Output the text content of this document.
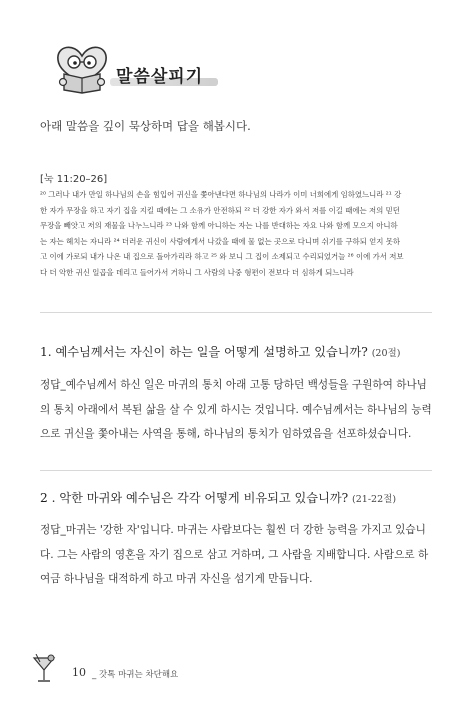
말씀살피기
아래 말씀을 깊이 묵상하며 답을 해봅시다.
[눅 11:20–26]
²⁰ 그러나 내가 만일 하나님의 손을 힘입어 귀신을 쫓아낸다면 하나님의 나라가 이미 너희에게 임하였느니라 ²¹ 강
한 자가 무장을 하고 자기 집을 지킬 때에는 그 소유가 안전하되 ²² 더 강한 자가 와서 저를 이길 때에는 저의 믿던
무장을 빼앗고 저의 재물을 나누느니라 ²³ 나와 함께 아니하는 자는 나를 반대하는 자요 나와 함께 모으지 아니하
는 자는 헤치는 자니라 ²⁴ 더러운 귀신이 사람에게서 나갔을 때에 물 없는 곳으로 다니며 쉬기를 구하되 얻지 못하
고 이에 가로되 내가 나온 내 집으로 돌아가리라 하고 ²⁵ 와 보니 그 집이 소제되고 수리되었거늘 ²⁶ 이에 가서 저보
다 더 악한 귀신 일곱을 데리고 들어가서 거하니 그 사람의 나중 형편이 전보다 더 심하게 되느니라
1. 예수님께서는 자신이 하는 일을 어떻게 설명하고 있습니까? (20절)
정답_예수님께서 하신 일은 마귀의 통치 아래 고통 당하던 백성들을 구원하여 하나님
의 통치 아래에서 복된 삶을 살 수 있게 하시는 것입니다. 예수님께서는 하나님의 능력
으로 귀신을 쫓아내는 사역을 통해, 하나님의 통치가 임하였음을 선포하셨습니다.
2 . 악한 마귀와 예수님은 각각 어떻게 비유되고 있습니까? (21-22절)
정답_마귀는 '강한 자'입니다. 마귀는 사람보다는 훨씬 더 강한 능력을 가지고 있습니
다. 그는 사람의 영혼을 자기 집으로 삼고 거하며, 그 사람을 지배합니다. 사람으로 하
여금 하나님을 대적하게 하고 마귀 자신을 섬기게 만듭니다.
10 _ 갓톡 마귀는 차단해요
